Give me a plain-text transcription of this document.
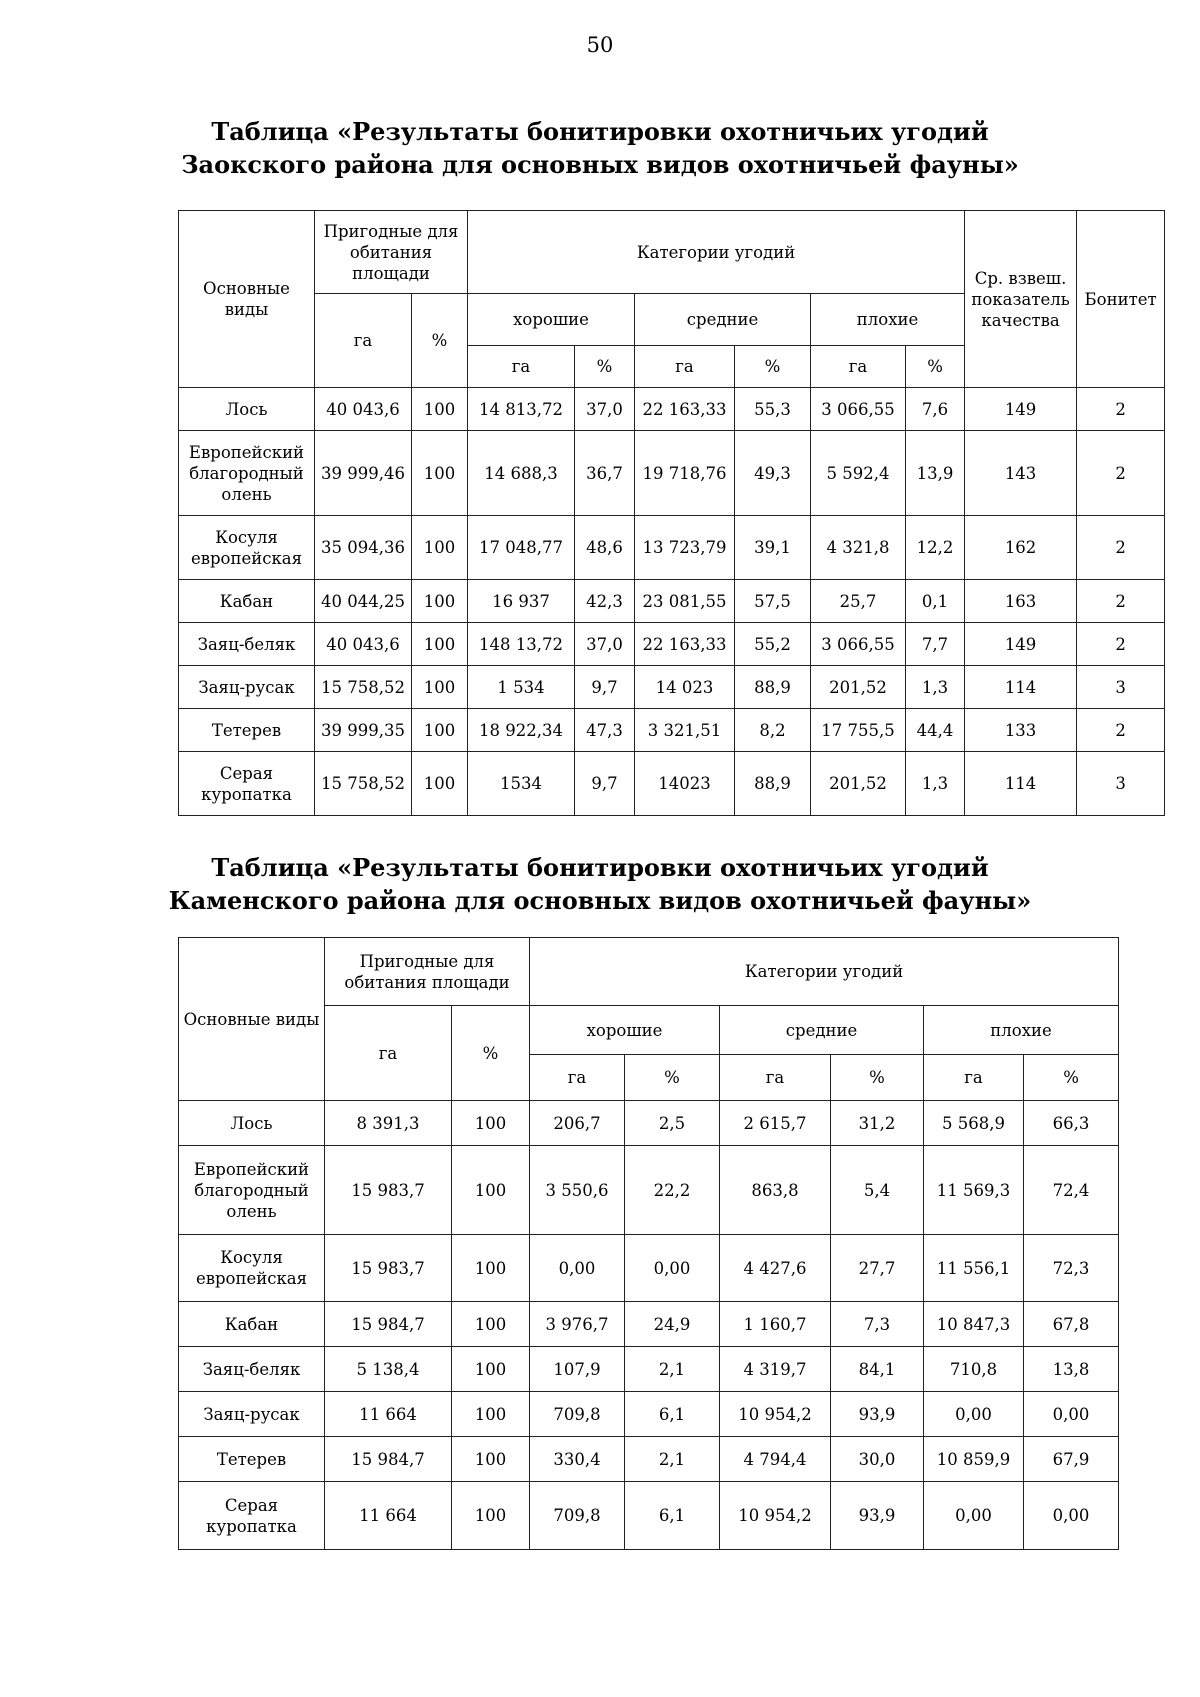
50
Таблица «Результаты бонитировки охотничьих угодий
Заокского района для основных видов охотничьей фауны»
Основные виды	Пригодные для обитания площади		Категории угодий						Ср. взвеш. показатель качества	Бонитет
	га	%	хорошие		средние		плохие			
			га	%	га	%	га	%		
Лось	40 043,6	100	14 813,72	37,0	22 163,33	55,3	3 066,55	7,6	149	2
Европейский благородный олень	39 999,46	100	14 688,3	36,7	19 718,76	49,3	5 592,4	13,9	143	2
Косуля европейская	35 094,36	100	17 048,77	48,6	13 723,79	39,1	4 321,8	12,2	162	2
Кабан	40 044,25	100	16 937	42,3	23 081,55	57,5	25,7	0,1	163	2
Заяц-беляк	40 043,6	100	148 13,72	37,0	22 163,33	55,2	3 066,55	7,7	149	2
Заяц-русак	15 758,52	100	1 534	9,7	14 023	88,9	201,52	1,3	114	3
Тетерев	39 999,35	100	18 922,34	47,3	3 321,51	8,2	17 755,5	44,4	133	2
Серая куропатка	15 758,52	100	1534	9,7	14023	88,9	201,52	1,3	114	3
Таблица «Результаты бонитировки охотничьих угодий
Каменского района для основных видов охотничьей фауны»
Основные виды	Пригодные для обитания площади		Категории угодий					
	га	%	хорошие		средние		плохие	
			га	%	га	%	га	%
Лось	8 391,3	100	206,7	2,5	2 615,7	31,2	5 568,9	66,3
Европейский благородный олень	15 983,7	100	3 550,6	22,2	863,8	5,4	11 569,3	72,4
Косуля европейская	15 983,7	100	0,00	0,00	4 427,6	27,7	11 556,1	72,3
Кабан	15 984,7	100	3 976,7	24,9	1 160,7	7,3	10 847,3	67,8
Заяц-беляк	5 138,4	100	107,9	2,1	4 319,7	84,1	710,8	13,8
Заяц-русак	11 664	100	709,8	6,1	10 954,2	93,9	0,00	0,00
Тетерев	15 984,7	100	330,4	2,1	4 794,4	30,0	10 859,9	67,9
Серая куропатка	11 664	100	709,8	6,1	10 954,2	93,9	0,00	0,00
